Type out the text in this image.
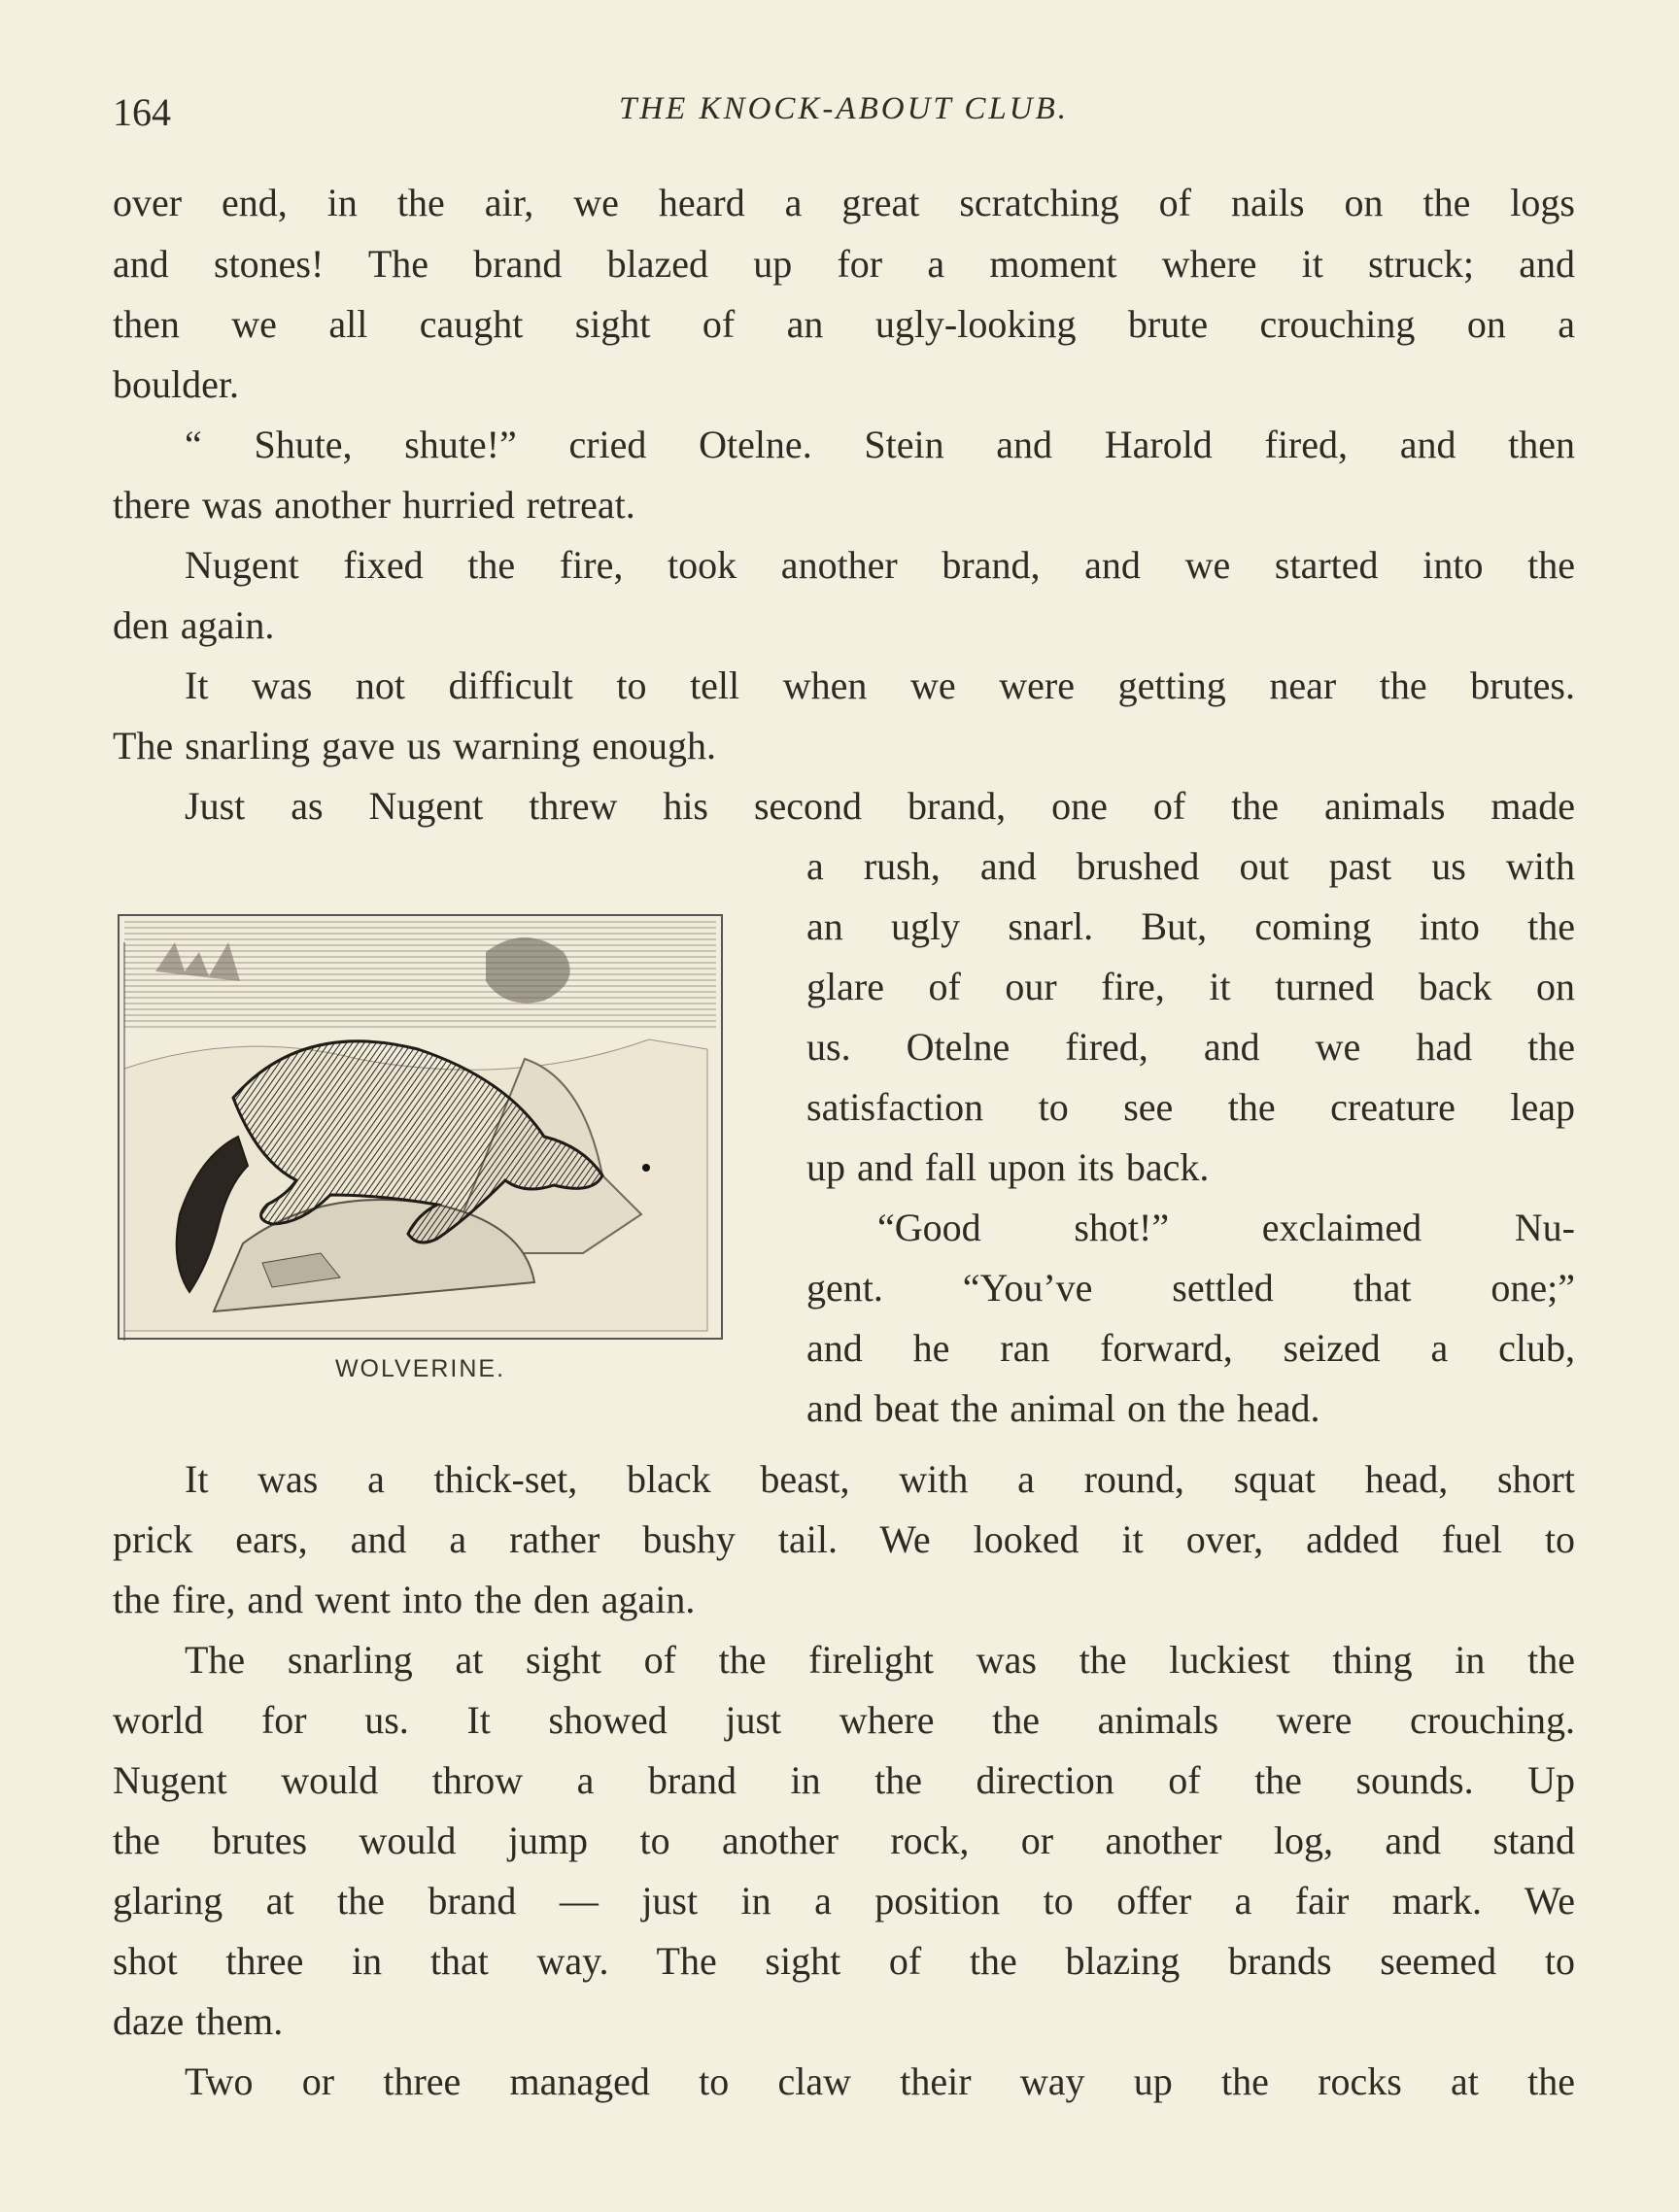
164	THE KNOCK-ABOUT CLUB.
over end, in the air, we heard a great scratching of nails on the logs
and stones! The brand blazed up for a moment where it struck; and
then we all caught sight of an ugly-looking brute crouching on a
boulder.
“ Shute, shute!” cried Otelne. Stein and Harold fired, and then
there was another hurried retreat.
Nugent fixed the fire, took another brand, and we started into the
den again.
It was not difficult to tell when we were getting near the brutes.
The snarling gave us warning enough.
Just as Nugent threw his second brand, one of the animals made
a rush, and brushed out past us with
an ugly snarl. But, coming into the
glare of our fire, it turned back on
us. Otelne fired, and we had the
satisfaction to see the creature leap
up and fall upon its back.
“Good shot!” exclaimed Nu-
gent. “You’ve settled that one;”
and he ran forward, seized a club,
and beat the animal on the head.
It was a thick-set, black beast, with a round, squat head, short
prick ears, and a rather bushy tail. We looked it over, added fuel to
the fire, and went into the den again.
The snarling at sight of the firelight was the luckiest thing in the
world for us. It showed just where the animals were crouching.
Nugent would throw a brand in the direction of the sounds. Up
the brutes would jump to another rock, or another log, and stand
glaring at the brand — just in a position to offer a fair mark. We
shot three in that way. The sight of the blazing brands seemed to
daze them.
Two or three managed to claw their way up the rocks at the
WOLVERINE.
